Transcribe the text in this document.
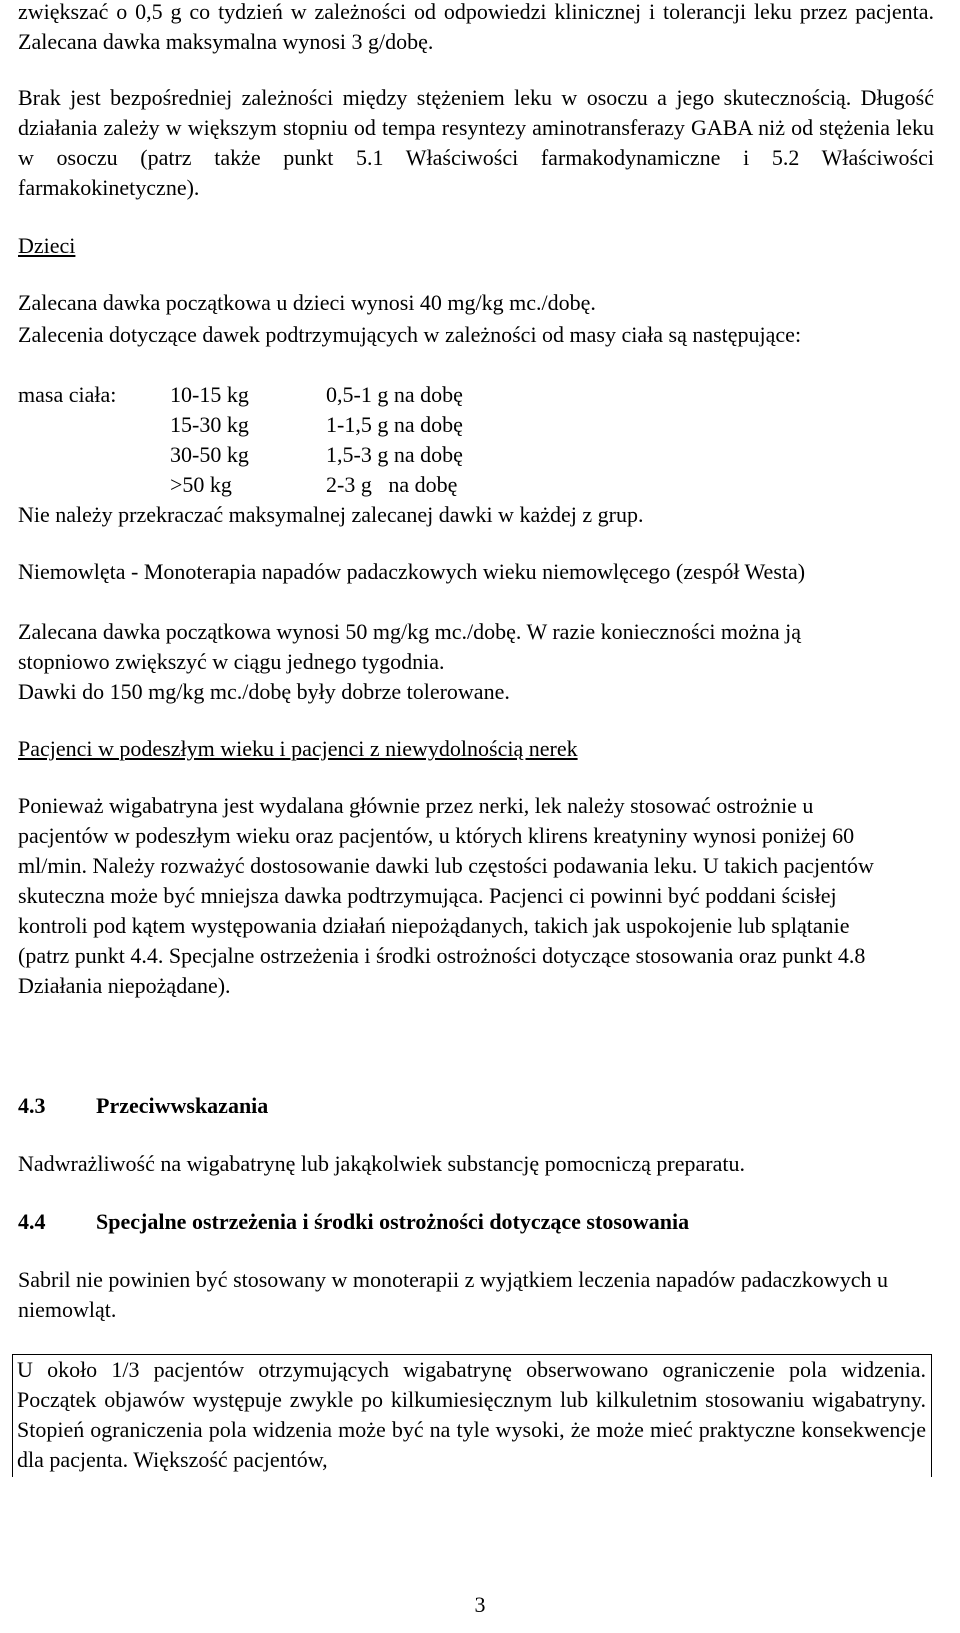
zwiększać o 0,5 g co tydzień w zależności od odpowiedzi klinicznej i tolerancji leku przez pacjenta. Zalecana dawka maksymalna wynosi 3 g/dobę.

Brak jest bezpośredniej zależności między stężeniem leku w osoczu a jego skutecznością. Długość działania zależy w większym stopniu od tempa resyntezy aminotransferazy GABA niż od stężenia leku w osoczu (patrz także punkt 5.1 Właściwości farmakodynamiczne i 5.2 Właściwości farmakokinetyczne).

Dzieci

Zalecana dawka początkowa u dzieci wynosi 40 mg/kg mc./dobę.

Zalecenia dotyczące dawek podtrzymujących w zależności od masy ciała są następujące:

masa ciała:	10-15 kg	0,5-1 g na dobę
	15-30 kg	1-1,5 g na dobę
	30-50 kg	1,5-3 g na dobę
	>50 kg	2-3 g   na dobę

Nie należy przekraczać maksymalnej zalecanej dawki w każdej z grup.

Niemowlęta - Monoterapia napadów padaczkowych wieku niemowlęcego (zespół Westa)

Zalecana dawka początkowa wynosi 50 mg/kg mc./dobę. W razie konieczności można ją stopniowo zwiększyć w ciągu jednego tygodnia.

Dawki do 150 mg/kg mc./dobę były dobrze tolerowane.

Pacjenci w podeszłym wieku i pacjenci z niewydolnością nerek

Ponieważ wigabatryna jest wydalana głównie przez nerki, lek należy stosować ostrożnie u pacjentów w podeszłym wieku oraz pacjentów, u których klirens kreatyniny wynosi poniżej 60 ml/min. Należy rozważyć dostosowanie dawki lub częstości podawania leku. U takich pacjentów skuteczna może być mniejsza dawka podtrzymująca. Pacjenci ci powinni być poddani ścisłej kontroli pod kątem występowania działań niepożądanych, takich jak uspokojenie lub splątanie (patrz punkt 4.4. Specjalne ostrzeżenia i środki ostrożności dotyczące stosowania oraz punkt 4.8 Działania niepożądane).

4.3	Przeciwwskazania

Nadwrażliwość na wigabatrynę lub jakąkolwiek substancję pomocniczą preparatu.

4.4	Specjalne ostrzeżenia i środki ostrożności dotyczące stosowania

Sabril nie powinien być stosowany w monoterapii z wyjątkiem leczenia napadów padaczkowych u niemowląt.

U około 1/3 pacjentów otrzymujących wigabatrynę obserwowano ograniczenie pola widzenia. Początek objawów występuje zwykle po kilkumiesięcznym lub kilkuletnim stosowaniu wigabatryny. Stopień ograniczenia pola widzenia może być na tyle wysoki, że może mieć praktyczne konsekwencje dla pacjenta. Większość pacjentów,

3
